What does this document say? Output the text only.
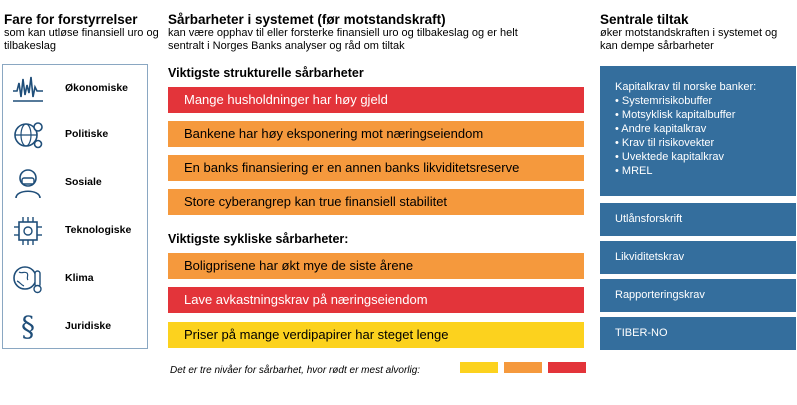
Fare for forstyrrelser
som kan utløse finansiell uro og tilbakeslag
Økonomiske
Politiske
Sosiale
Teknologiske
Klima
§	Juridiske
Sårbarheter i systemet (før motstandskraft)
kan være opphav til eller forsterke finansiell uro og tilbakeslag og er helt sentralt i Norges Banks analyser og råd om tiltak
Viktigste strukturelle sårbarheter
Mange husholdninger har høy gjeld
Bankene har høy eksponering mot næringseiendom
En banks finansiering er en annen banks likviditetsreserve
Store cyberangrep kan true finansiell stabilitet
Viktigste sykliske sårbarheter:
Boligprisene har økt mye de siste årene
Lave avkastningskrav på næringseiendom
Priser på mange verdipapirer har steget lenge
Det er tre nivåer for sårbarhet, hvor rødt er mest alvorlig:
Sentrale tiltak
øker motstandskraften i systemet og kan dempe sårbarheter
Kapitalkrav til norske banker:
• Systemrisikobuffer
• Motsyklisk kapitalbuffer
• Andre kapitalkrav
• Krav til risikovekter
• Uvektede kapitalkrav
• MREL
Utlånsforskrift
Likviditetskrav
Rapporteringskrav
TIBER-NO
